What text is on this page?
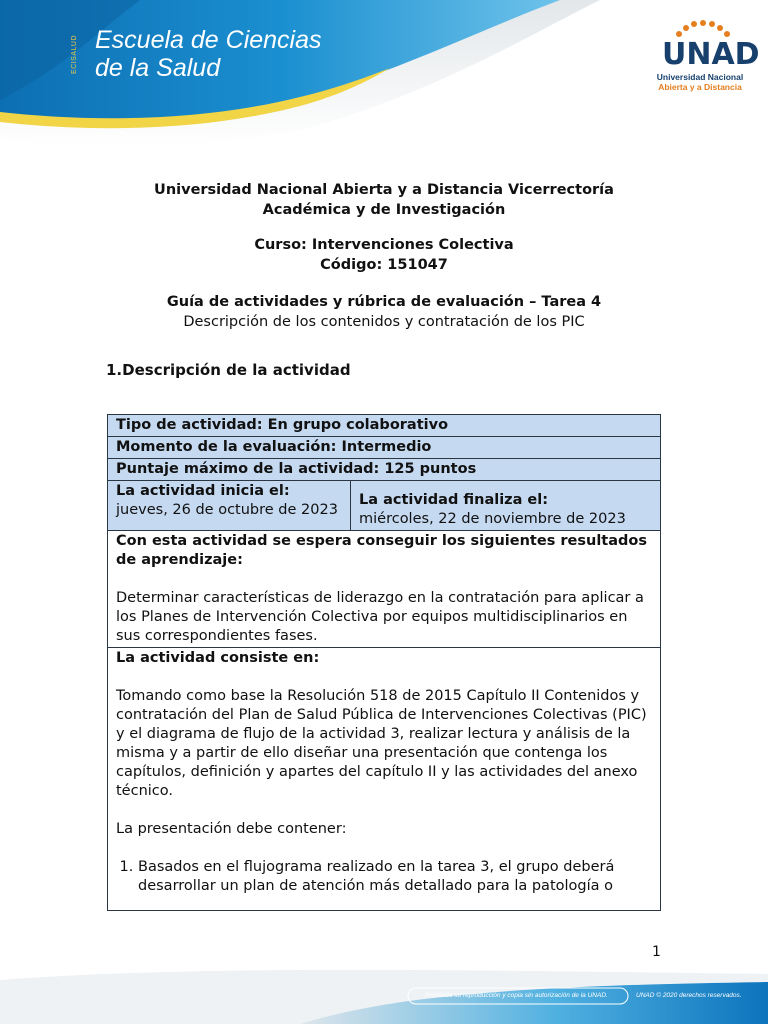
ECISALUD Escuela de Ciencias
de la Salud	UNAD
Universidad Nacional
Abierta y a Distancia
Universidad Nacional Abierta y a Distancia Vicerrectoría
Académica y de Investigación
Curso: Intervenciones Colectiva
Código: 151047
Guía de actividades y rúbrica de evaluación – Tarea 4
Descripción de los contenidos y contratación de los PIC
1.Descripción de la actividad
Tipo de actividad: En grupo colaborativo
Momento de la evaluación: Intermedio
Puntaje máximo de la actividad: 125 puntos

La actividad inicia el:
jueves, 26 de octubre de 2023

La actividad finaliza el:
miércoles, 22 de noviembre de 2023

Con esta actividad se espera conseguir los siguientes resultados de aprendizaje:

Determinar características de liderazgo en la contratación para aplicar a los Planes de Intervención Colectiva por equipos multidisciplinarios en sus correspondientes fases.

La actividad consiste en:

Tomando como base la Resolución 518 de 2015 Capítulo II Contenidos y contratación del Plan de Salud Pública de Intervenciones Colectivas (PIC) y el diagrama de flujo de la actividad 3, realizar lectura y análisis de la misma y a partir de ello diseñar una presentación que contenga los capítulos, definición y apartes del capítulo II y las actividades del anexo técnico.

La presentación debe contener:

1. Basados en el flujograma realizado en la tarea 3, el grupo deberá desarrollar un plan de atención más detallado para la patología o
1
Prohibida su reproducción y copia sin autorización de la UNAD.	UNAD © 2020 derechos reservados.
